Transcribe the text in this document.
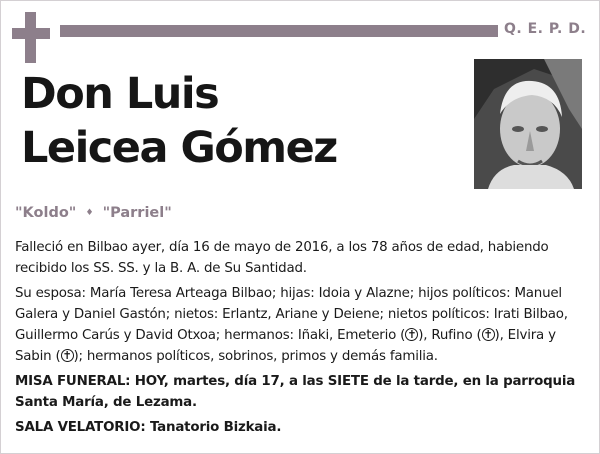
Q. E. P. D.
Don Luis
Leicea Gómez
"Koldo" ♦ "Parriel"

Falleció en Bilbao ayer, día 16 de mayo de 2016, a los 78 años de edad, habiendo recibido los SS. SS. y la B. A. de Su Santidad.

Su esposa: María Teresa Arteaga Bilbao; hijas: Idoia y Alazne; hijos políticos: Manuel Galera y Daniel Gastón; nietos: Erlantz, Ariane y Deiene; nietos políticos: Irati Bilbao, Guillermo Carús y David Otxoa; hermanos: Iñaki, Emeterio ( ✝ ), Rufino ( ✝ ), Elvira y Sabin ( ✝ ); hermanos políticos, sobrinos, primos y demás familia.

MISA FUNERAL: HOY, martes, día 17, a las SIETE de la tarde, en la parroquia Santa María, de Lezama.

SALA VELATORIO: Tanatorio Bizkaia.
